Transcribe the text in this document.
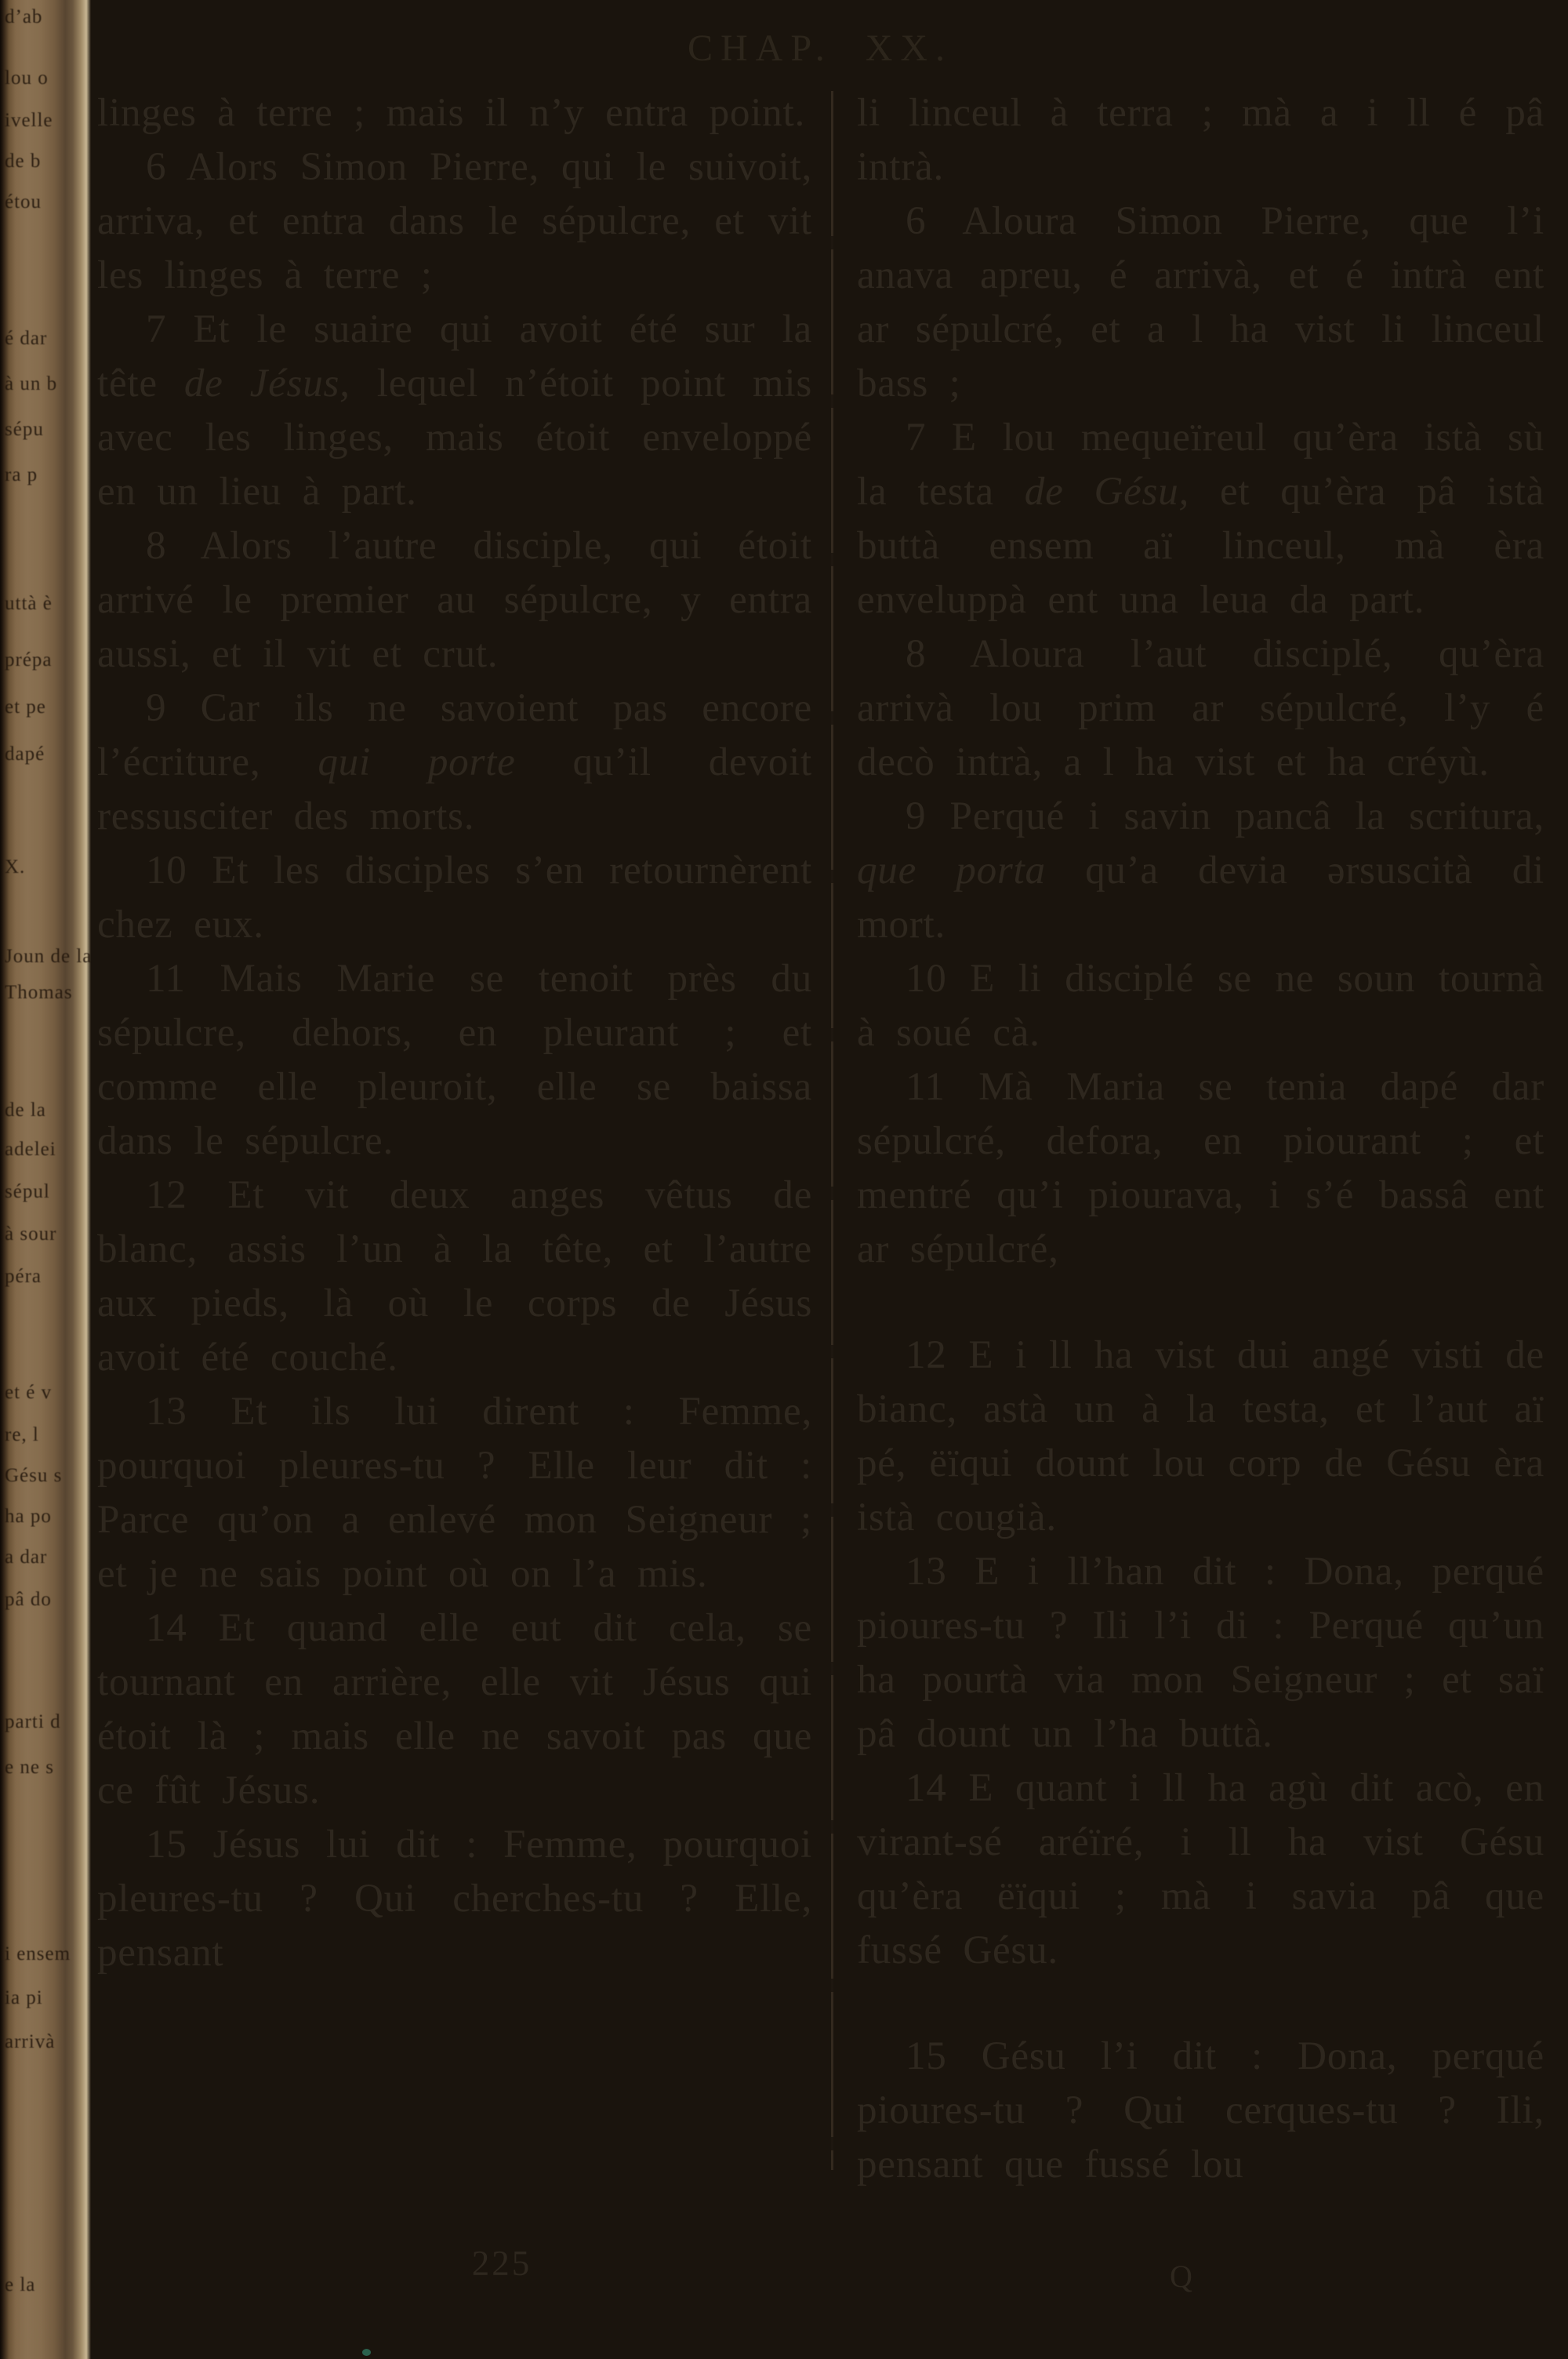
d’ab
lou o
ivelle
de b
étou
é dar
à un b
sépu
ra p
uttà è
prépa
et pe
dapé
X.
Joun de la
Thomas
de la
adelei
sépul
à sour
péra
et é v
re, l
Gésu s
ha po
a dar
pâ do
parti d
e ne s
i ensem
ia pi
arrivà
e la
CHAP. XX.

linges à terre ; mais il n’y entra point.

6 Alors Simon Pierre, qui le suivoit, arriva, et entra dans le sépulcre, et vit les linges à terre ;

7 Et le suaire qui avoit été sur la tête de Jésus, lequel n’étoit point mis avec les linges, mais étoit enveloppé en un lieu à part.

8 Alors l’autre disciple, qui étoit arrivé le premier au sépulcre, y entra aussi, et il vit et crut.

9 Car ils ne savoient pas encore l’écriture, qui porte qu’il devoit ressusciter des morts.

10 Et les disciples s’en retournèrent chez eux.

11 Mais Marie se tenoit près du sépulcre, dehors, en pleurant ; et comme elle pleuroit, elle se baissa dans le sépulcre.

12 Et vit deux anges vêtus de blanc, assis l’un à la tête, et l’autre aux pieds, là où le corps de Jésus avoit été couché.

13 Et ils lui dirent : Femme, pourquoi pleures-tu ? Elle leur dit : Parce qu’on a enlevé mon Seigneur ; et je ne sais point où on l’a mis.

14 Et quand elle eut dit cela, se tournant en arrière, elle vit Jésus qui étoit là ; mais elle ne savoit pas que ce fût Jésus.

15 Jésus lui dit : Femme, pourquoi pleures-tu ? Qui cherches-tu ? Elle, pensant

li linceul à terra ; mà a i ll é pâ intrà.

6 Aloura Simon Pierre, que l’i anava apreu, é arrivà, et é intrà ent ar sépulcré, et a l ha vist li linceul bass ;

7 E lou mequeïreul qu’èra istà sù la testa de Gésu, et qu’èra pâ istà buttà ensem aï linceul, mà èra enveluppà ent una leua da part.

8 Aloura l’aut disciplé, qu’èra arrivà lou prim ar sépulcré, l’y é decò intrà, a l ha vist et ha créyù.

9 Perqué i savin pancâ la scritura, que porta qu’a devia ərsuscità di mort.

10 E li disciplé se ne soun tournà à soué cà.

11 Mà Maria se tenia dapé dar sépulcré, defora, en piourant ; et mentré qu’i piourava, i s’é bassâ ent ar sépulcré,

12 E i ll ha vist dui angé visti de bianc, astà un à la testa, et l’aut aï pé, ëïqui dount lou corp de Gésu èra istà cougià.

13 E i ll’han dit : Dona, perqué pioures-tu ? Ili l’i di : Perqué qu’un ha pourtà via mon Seigneur ; et saï pâ dount un l’ha buttà.

14 E quant i ll ha agù dit acò, en virant-sé aréïré, i ll ha vist Gésu qu’èra ëïqui ; mà i savia pâ que fussé Gésu.

15 Gésu l’i dit : Dona, perqué pioures-tu ? Qui cerques-tu ? Ili, pensant que fussé lou

225	Q
